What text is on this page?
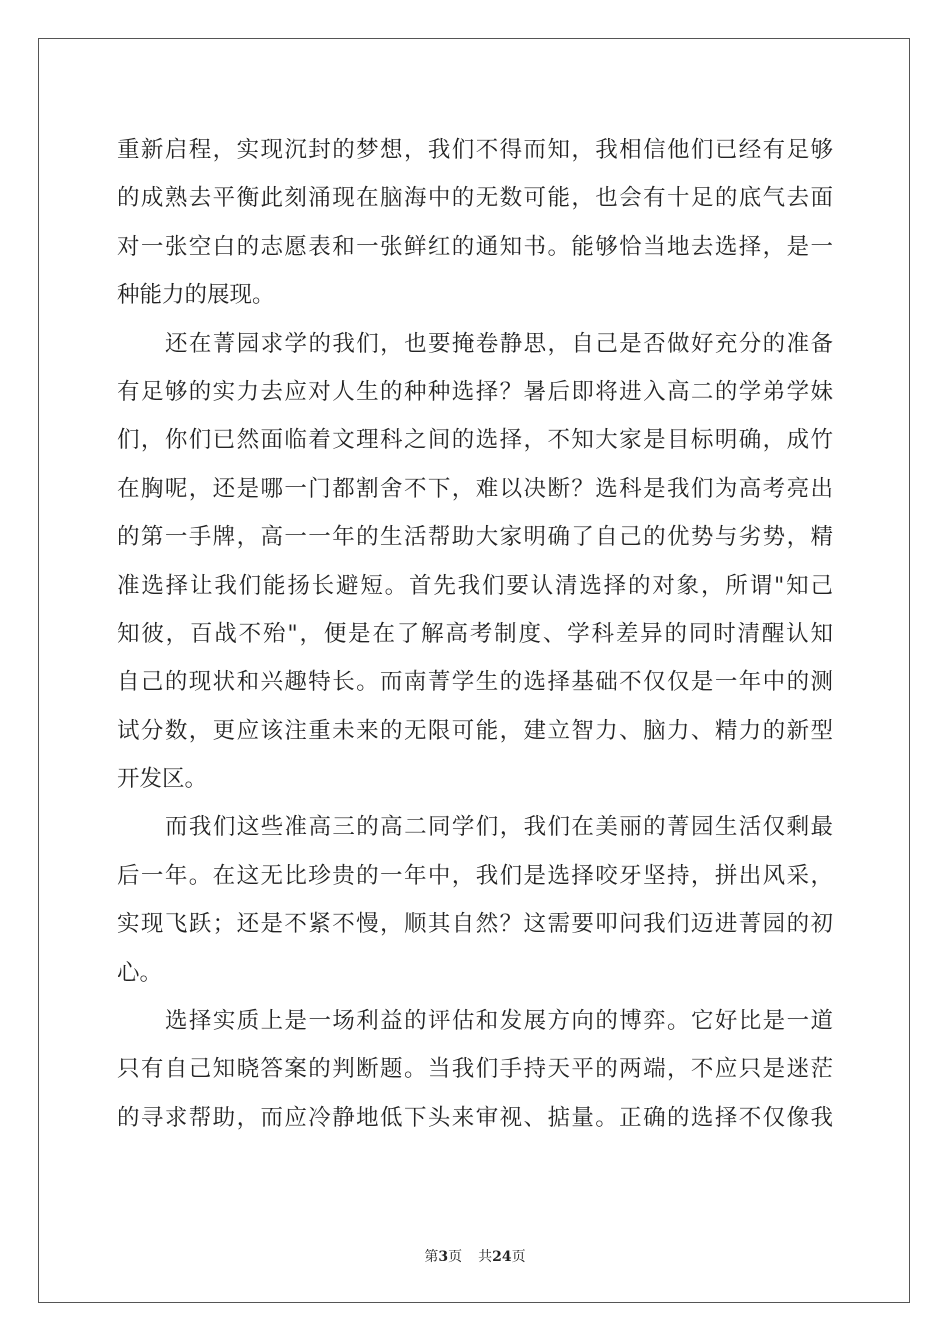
重新启程，实现沉封的梦想，我们不得而知，我相信他们已经有足够
的成熟去平衡此刻涌现在脑海中的无数可能，也会有十足的底气去面
对一张空白的志愿表和一张鲜红的通知书。能够恰当地去选择，是一
种能力的展现。
还在菁园求学的我们，也要掩卷静思，自己是否做好充分的准备
有足够的实力去应对人生的种种选择？暑后即将进入高二的学弟学妹
们，你们已然面临着文理科之间的选择，不知大家是目标明确，成竹
在胸呢，还是哪一门都割舍不下，难以决断？选科是我们为高考亮出
的第一手牌，高一一年的生活帮助大家明确了自己的优势与劣势，精
准选择让我们能扬长避短。首先我们要认清选择的对象，所谓"知己
知彼，百战不殆"，便是在了解高考制度、学科差异的同时清醒认知
自己的现状和兴趣特长。而南菁学生的选择基础不仅仅是一年中的测
试分数，更应该注重未来的无限可能，建立智力、脑力、精力的新型
开发区。
而我们这些准高三的高二同学们，我们在美丽的菁园生活仅剩最
后一年。在这无比珍贵的一年中，我们是选择咬牙坚持，拼出风采，
实现飞跃；还是不紧不慢，顺其自然？这需要叩问我们迈进菁园的初
心。
选择实质上是一场利益的评估和发展方向的博弈。它好比是一道
只有自己知晓答案的判断题。当我们手持天平的两端，不应只是迷茫
的寻求帮助，而应冷静地低下头来审视、掂量。正确的选择不仅像我
第3页 共24页
